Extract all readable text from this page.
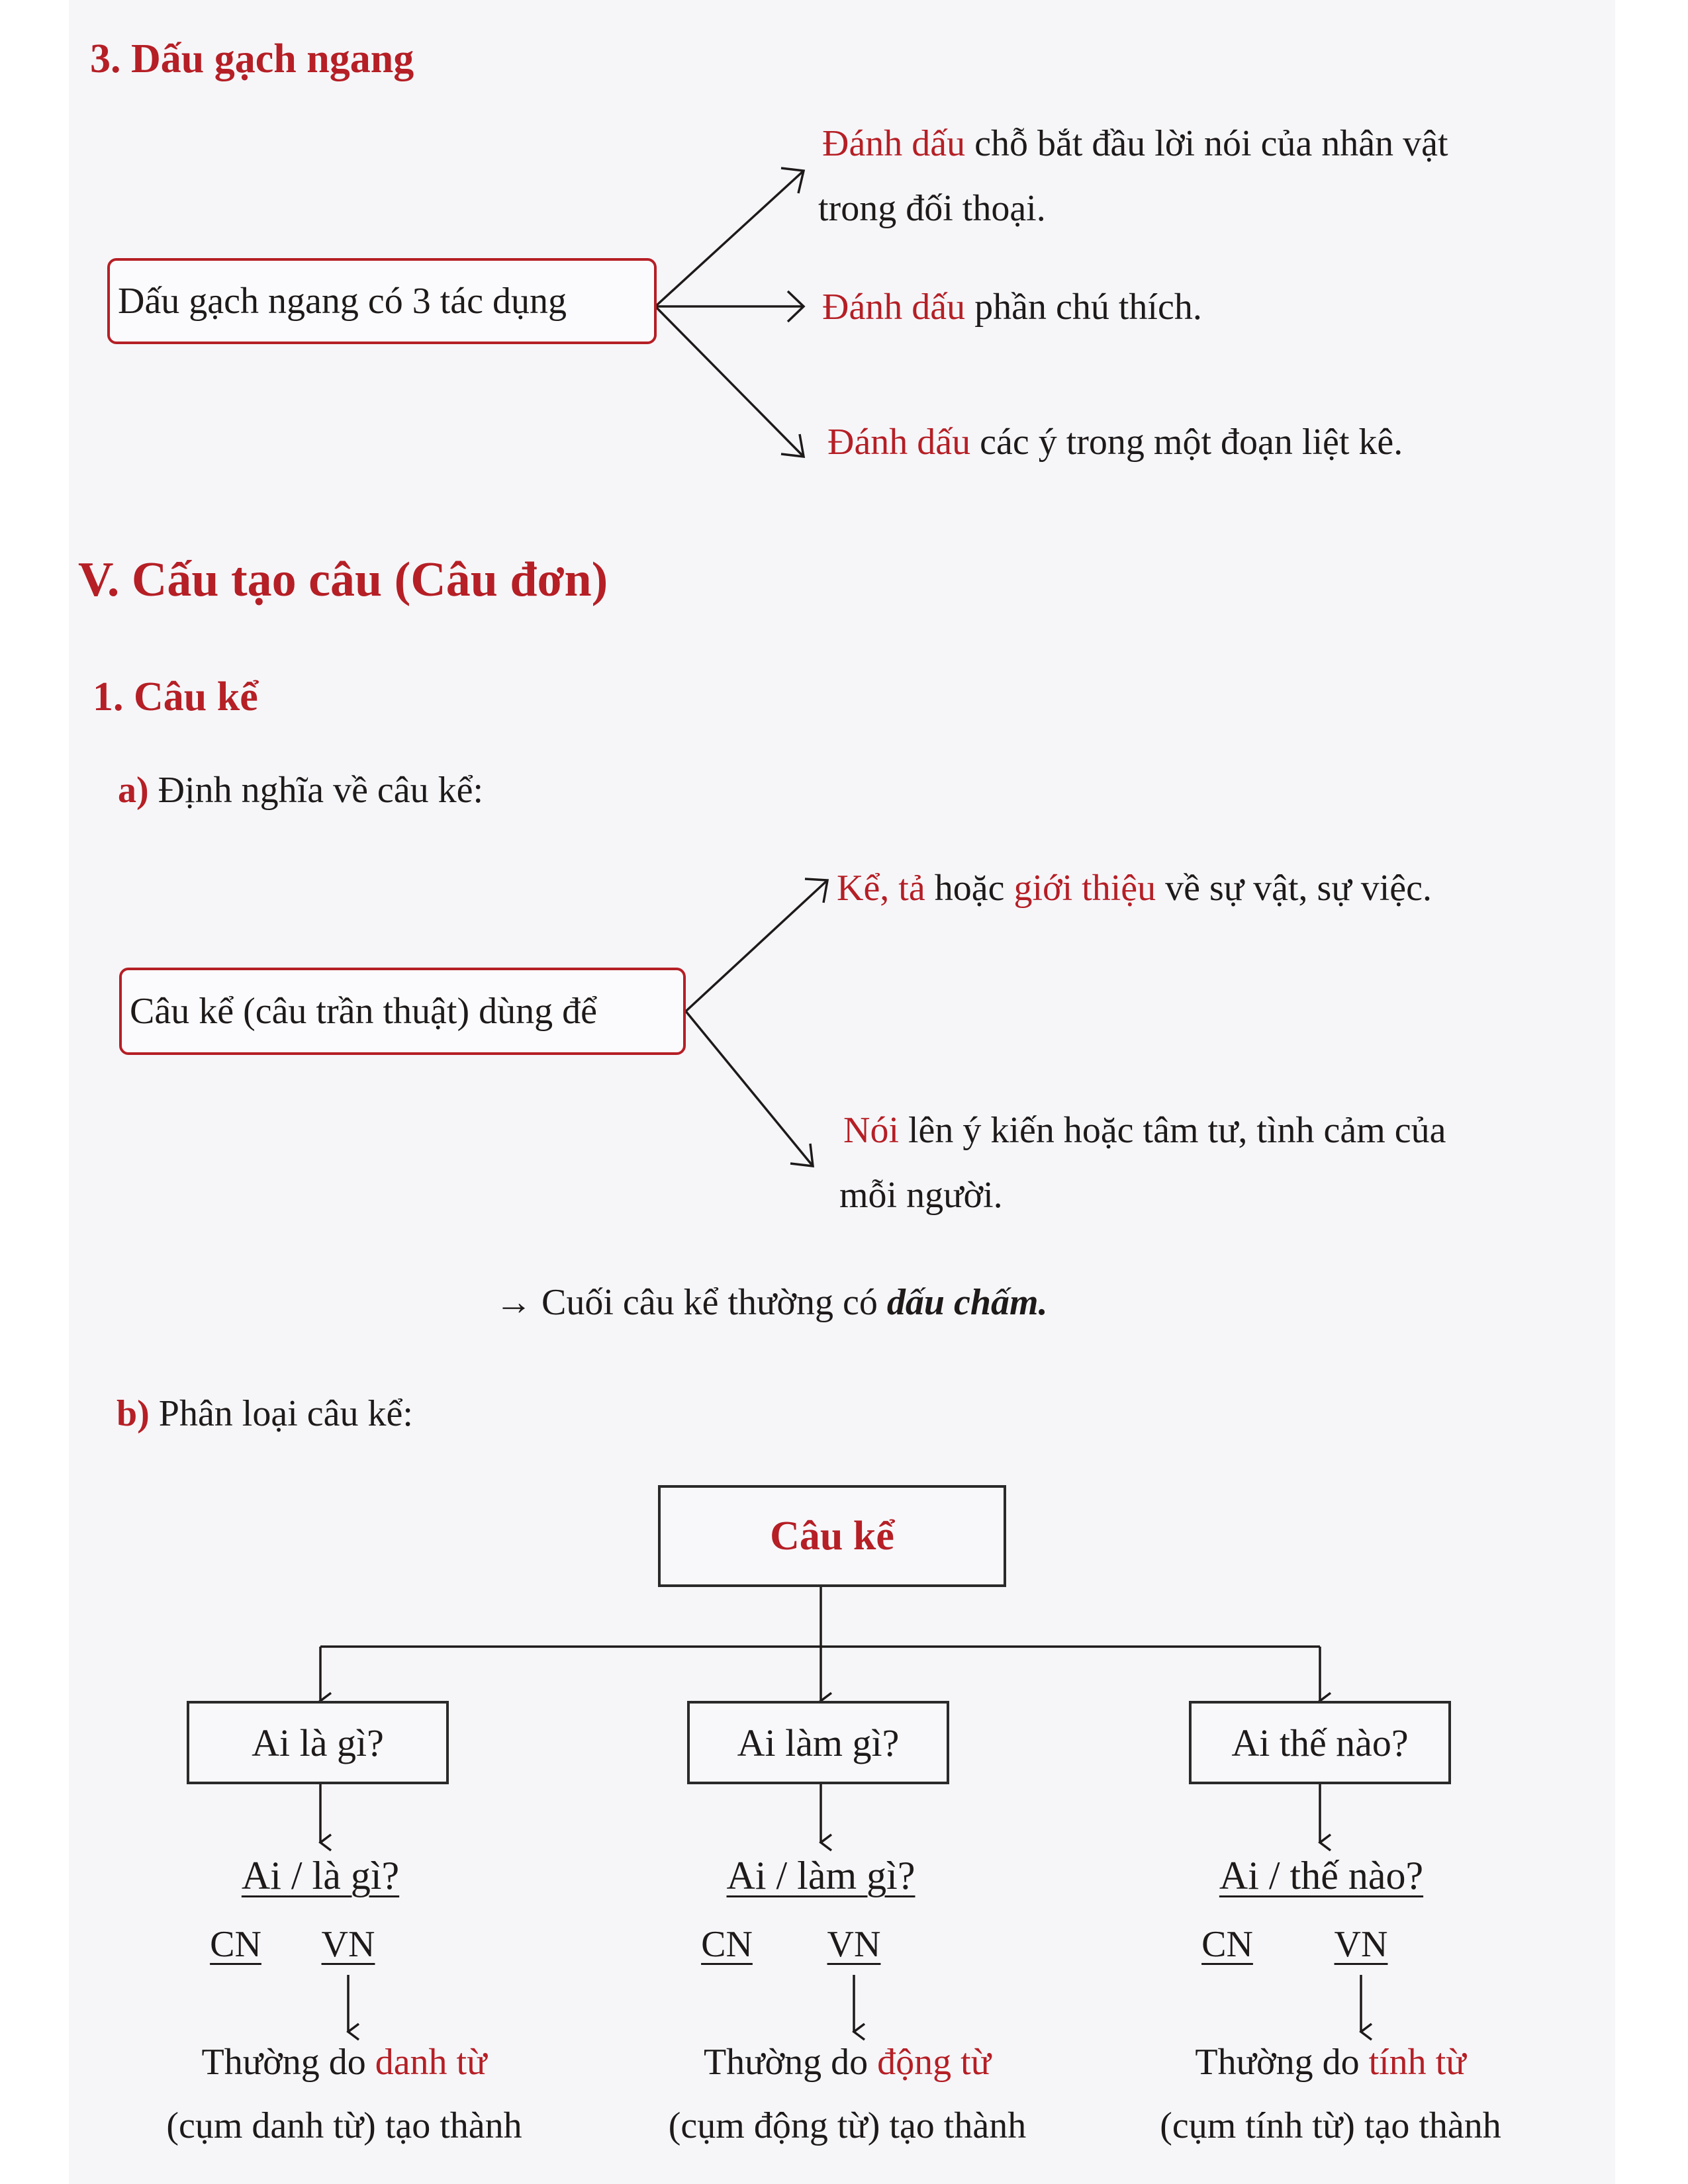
3. Dấu gạch ngang
Dấu gạch ngang có 3 tác dụng
Đánh dấu chỗ bắt đầu lời nói của nhân vật
trong đối thoại.
Đánh dấu phần chú thích.
Đánh dấu các ý trong một đoạn liệt kê.
V. Cấu tạo câu (Câu đơn)
1. Câu kể
a) Định nghĩa về câu kể:
Câu kể (câu trần thuật) dùng để
Kể, tả hoặc giới thiệu về sự vật, sự việc.
Nói lên ý kiến hoặc tâm tư, tình cảm của
mỗi người.
→ Cuối câu kể thường có dấu chấm.
b) Phân loại câu kể:
Câu kể
Ai là gì?	Ai làm gì?	Ai thế nào?
Ai / là gì?	Ai / làm gì?	Ai / thế nào?
CN	VN	CN	VN	CN	VN
Thường do danh từ
(cụm danh từ) tạo thành
Thường do động từ
(cụm động từ) tạo thành
Thường do tính từ
(cụm tính từ) tạo thành
